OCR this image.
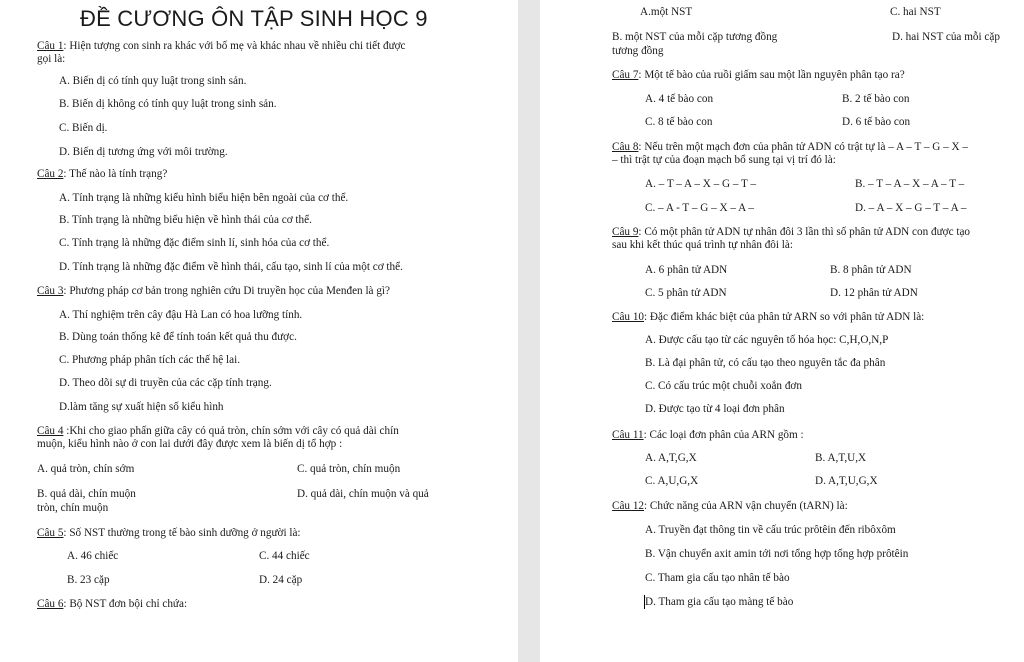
ĐỀ CƯƠNG ÔN TẬP SINH HỌC 9
Câu 1: Hiện tượng con sinh ra khác với bố mẹ và khác nhau về nhiều chi tiết được
gọi là:
A. Biến dị có tính quy luật trong sinh sản.
B. Biến dị không có tính quy luật trong sinh sản.
C. Biến dị.
D. Biến dị tương ứng với môi trường.
Câu 2: Thế nào là tính trạng?
A. Tính trạng là những kiểu hình biểu hiện bên ngoài của cơ thể.
B. Tính trạng là những biểu hiện về hình thái của cơ thể.
C. Tính trạng là những đặc điểm sinh lí, sinh hóa của cơ thể.
D. Tính trạng là những đặc điểm về hình thái, cấu tạo, sinh lí của một cơ thể.
Câu 3: Phương pháp cơ bản trong nghiên cứu Di truyền học của Menđen là gì?
A. Thí nghiệm trên cây đậu Hà Lan có hoa lưỡng tính.
B. Dùng toán thống kê để tính toán kết quả thu được.
C. Phương pháp phân tích các thế hệ lai.
D. Theo dõi sự di truyền của các cặp tính trạng.
D.làm tăng sự xuất hiện số kiểu hình
Câu 4 :Khi cho giao phấn giữa cây có quả tròn, chín sớm với cây có quả dài chín
muộn, kiểu hình nào ở con lai dưới đây được xem là biến dị tổ hợp :
A. quả tròn, chín sớm	C. quả tròn, chín muộn
B. quả dài, chín muộn	D. quả dài, chín muộn và quả
tròn, chín muộn
Câu 5: Số NST thường trong tế bào sinh dưỡng ở người là:
A. 46 chiếc	C. 44 chiếc
B. 23 cặp	D. 24 cặp
Câu 6: Bộ NST đơn bội chỉ chứa:
A.một NST	C. hai NST
B. một NST của mỗi cặp tương đồng	D. hai NST của mỗi cặp
tương đồng
Câu 7: Một tế bào của ruồi giấm sau một lần nguyên phân tạo ra?
A. 4 tế bào con	B. 2 tế bào con
C. 8 tế bào con	D. 6 tế bào con
Câu 8: Nếu trên một mạch đơn của phân tử ADN có trật tự là – A – T – G – X –
– thì trật tự của đoạn mạch bổ sung tại vị trí đó là:
A. – T – A – X – G – T –	B. – T – A – X – A – T –
C. – A - T – G – X – A –	D. – A – X – G – T – A –
Câu 9: Có một phân tử ADN tự nhân đôi 3 lần thì số phân tử ADN con được tạo
sau khi kết thúc quá trình tự nhân đôi là:
A. 6 phân tử ADN	B. 8 phân tử ADN
C. 5 phân tử ADN	D. 12 phân tử ADN
Câu 10: Đặc điểm khác biệt của phân tử ARN so với phân tử ADN là:
A. Được cấu tạo từ các nguyên tố hóa học: C,H,O,N,P
B. Là đại phân tử, có cấu tạo theo nguyên tắc đa phân
C. Có cấu trúc một chuỗi xoắn đơn
D. Được tạo từ 4 loại đơn phân
Câu 11: Các loại đơn phân của ARN gồm :
A. A,T,G,X	B. A,T,U,X
C. A,U,G,X	D. A,T,U,G,X
Câu 12: Chức năng của ARN vận chuyển (tARN) là:
A. Truyền đạt thông tin về cấu trúc prôtêin đến ribôxôm
B. Vận chuyển axit amin tới nơi tổng hợp tổng hợp prôtêin
C. Tham gia cấu tạo nhân tế bào
D. Tham gia cấu tạo màng tế bào
